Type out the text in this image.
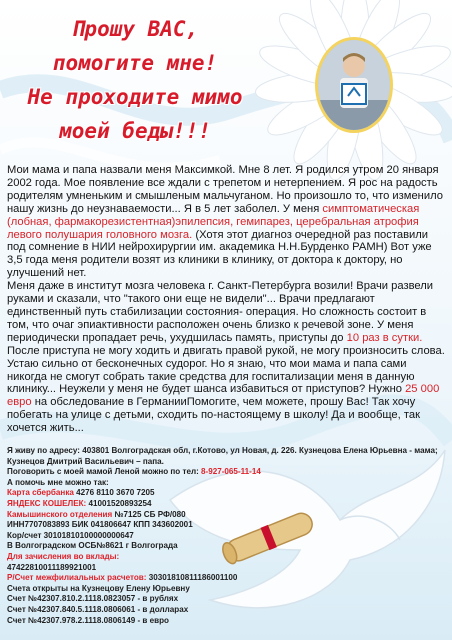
Прошу ВАС,
помогите мне!
Не проходите мимо
моей беды!!!
Мои мама и папа назвали меня Максимкой. Мне 8 лет. Я родился утром 20 января 2002 года. Мое появление все ждали с трепетом и нетерпением. Я рос на радость родителям умненьким и смышленым мальчуганом. Но произошло то, что изменило нашу жизнь до неузнаваемости... Я в 5 лет заболел. У меня симптоматическая (лобная, фармакорезистентная)эпилепсия, гемипарез, церебральная атрофия левого полушария головного мозга. (Хотя этот диагноз очередной раз поставили под сомнение в НИИ нейрохирургии им. академика Н.Н.Бурденко РАМН) Вот уже 3,5 года меня родители возят из клиники в клинику, от доктора к доктору, но улучшений нет.
Меня даже в институт мозга человека г. Санкт-Петербурга возили! Врачи развели руками и сказали, что "такого они еще не видели"... Врачи предлагают единственный путь стабилизации состояния- операция. Но сложность состоит в том, что очаг эпиактивности расположен очень близко к речевой зоне. У меня периодически пропадает речь, ухудшилась память, приступы до 10 раз в сутки. После приступа не могу ходить и двигать правой рукой, не могу произносить слова. Устаю сильно от бесконечных судорог. Но я знаю, что мои мама и папа сами никогда не смогут собрать такие средства для госпитализации меня в данную клинику... Неужели у меня не будет шанса избавиться от приступов? Нужно 25 000 евро на обследование в ГерманииПомогите, чем можете, прошу Вас! Так хочу побегать на улице с детьми, сходить по-настоящему в школу! Да и вообще, так хочется жить...
Я живу по адресу: 403801 Волгоградская обл, г.Котово, ул Новая, д. 226. Кузнецова Елена Юрьевна - мама; Кузнецов Дмитрий Васильевич – папа.
Поговорить с моей мамой Леной можно по тел: 8-927-065-11-14
А помочь мне можно так:
Карта сбербанка 4276 8110 3670 7205
ЯНДЕКС КОШЕЛЕК: 41001520893254
Камышинского отделения №7125 СБ РФ/080
ИНН7707083893 БИК 041806647 КПП 343602001
Кор/счет 30101810100000000647
В Волгоградском ОСБ№8621 г Волгограда
Для зачисления во вклады:
47422810011189921001
Р/Счет межфилиальных расчетов: 30301810811186001100
Счета открыты на Кузнецову Елену Юрьевну
Счет №42307.810.2.1118.0823057 - в рублях
Счет №42307.840.5.1118.0806061 - в долларах
Счет №42307.978.2.1118.0806149 - в евро
